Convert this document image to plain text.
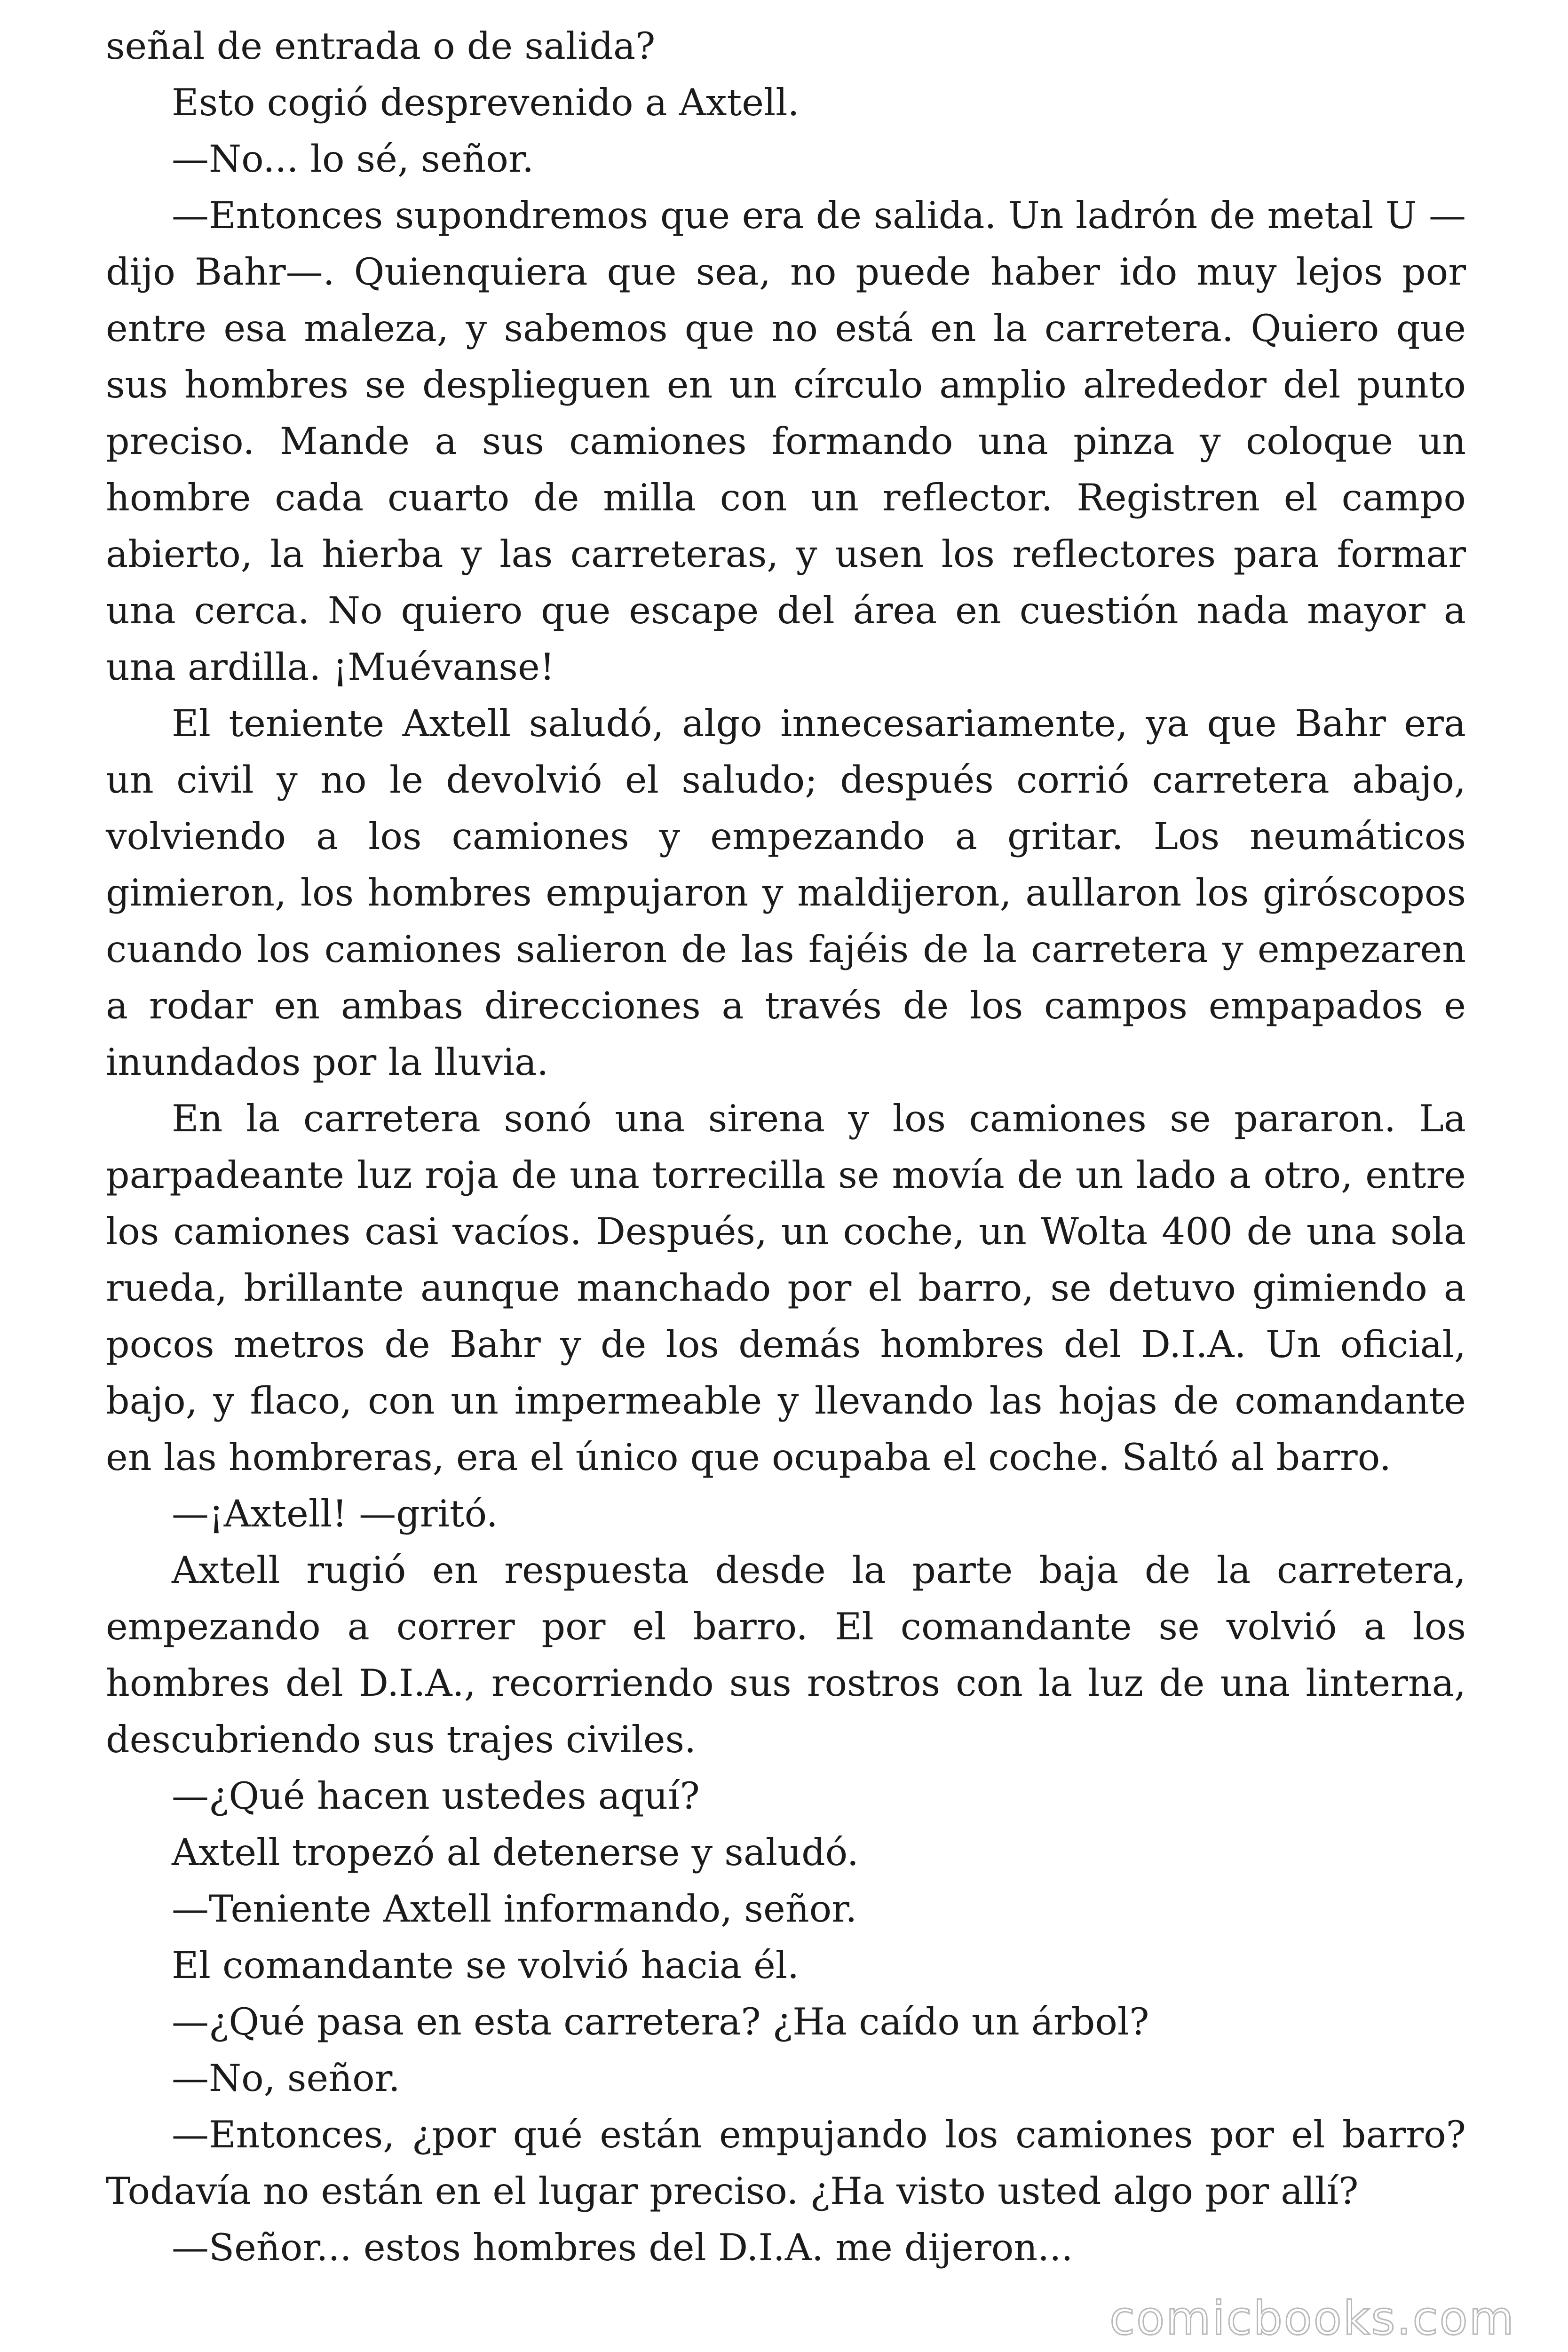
señal de entrada o de salida?

Esto cogió desprevenido a Axtell.

—No... lo sé, señor.

—Entonces supondremos que era de salida. Un ladrón de metal U —dijo Bahr—. Quienquiera que sea, no puede haber ido muy lejos por entre esa maleza, y sabemos que no está en la carretera. Quiero que sus hombres se desplieguen en un círculo amplio alrededor del punto preciso. Mande a sus camiones formando una pinza y coloque un hombre cada cuarto de milla con un reflector. Registren el campo abierto, la hierba y las carreteras, y usen los reflectores para formar una cerca. No quiero que escape del área en cuestión nada mayor a una ardilla. ¡Muévanse!

El teniente Axtell saludó, algo innecesariamente, ya que Bahr era un civil y no le devolvió el saludo; después corrió carretera abajo, volviendo a los camiones y empezando a gritar. Los neumáticos gimieron, los hombres empujaron y maldijeron, aullaron los giróscopos cuando los camiones salieron de las fajéis de la carretera y empezaren a rodar en ambas direcciones a través de los campos empapados e inundados por la lluvia.

En la carretera sonó una sirena y los camiones se pararon. La parpadeante luz roja de una torrecilla se movía de un lado a otro, entre los camiones casi vacíos. Después, un coche, un Wolta 400 de una sola rueda, brillante aunque manchado por el barro, se detuvo gimiendo a pocos metros de Bahr y de los demás hombres del D.I.A. Un oficial, bajo, y flaco, con un impermeable y llevando las hojas de comandante en las hombreras, era el único que ocupaba el coche. Saltó al barro.

—¡Axtell! —gritó.

Axtell rugió en respuesta desde la parte baja de la carretera, empezando a correr por el barro. El comandante se volvió a los hombres del D.I.A., recorriendo sus rostros con la luz de una linterna, descubriendo sus trajes civiles.

—¿Qué hacen ustedes aquí?

Axtell tropezó al detenerse y saludó.

—Teniente Axtell informando, señor.

El comandante se volvió hacia él.

—¿Qué pasa en esta carretera? ¿Ha caído un árbol?

—No, señor.

—Entonces, ¿por qué están empujando los camiones por el barro? Todavía no están en el lugar preciso. ¿Ha visto usted algo por allí?

—Señor... estos hombres del D.I.A. me dijeron...

comicbooks.com
